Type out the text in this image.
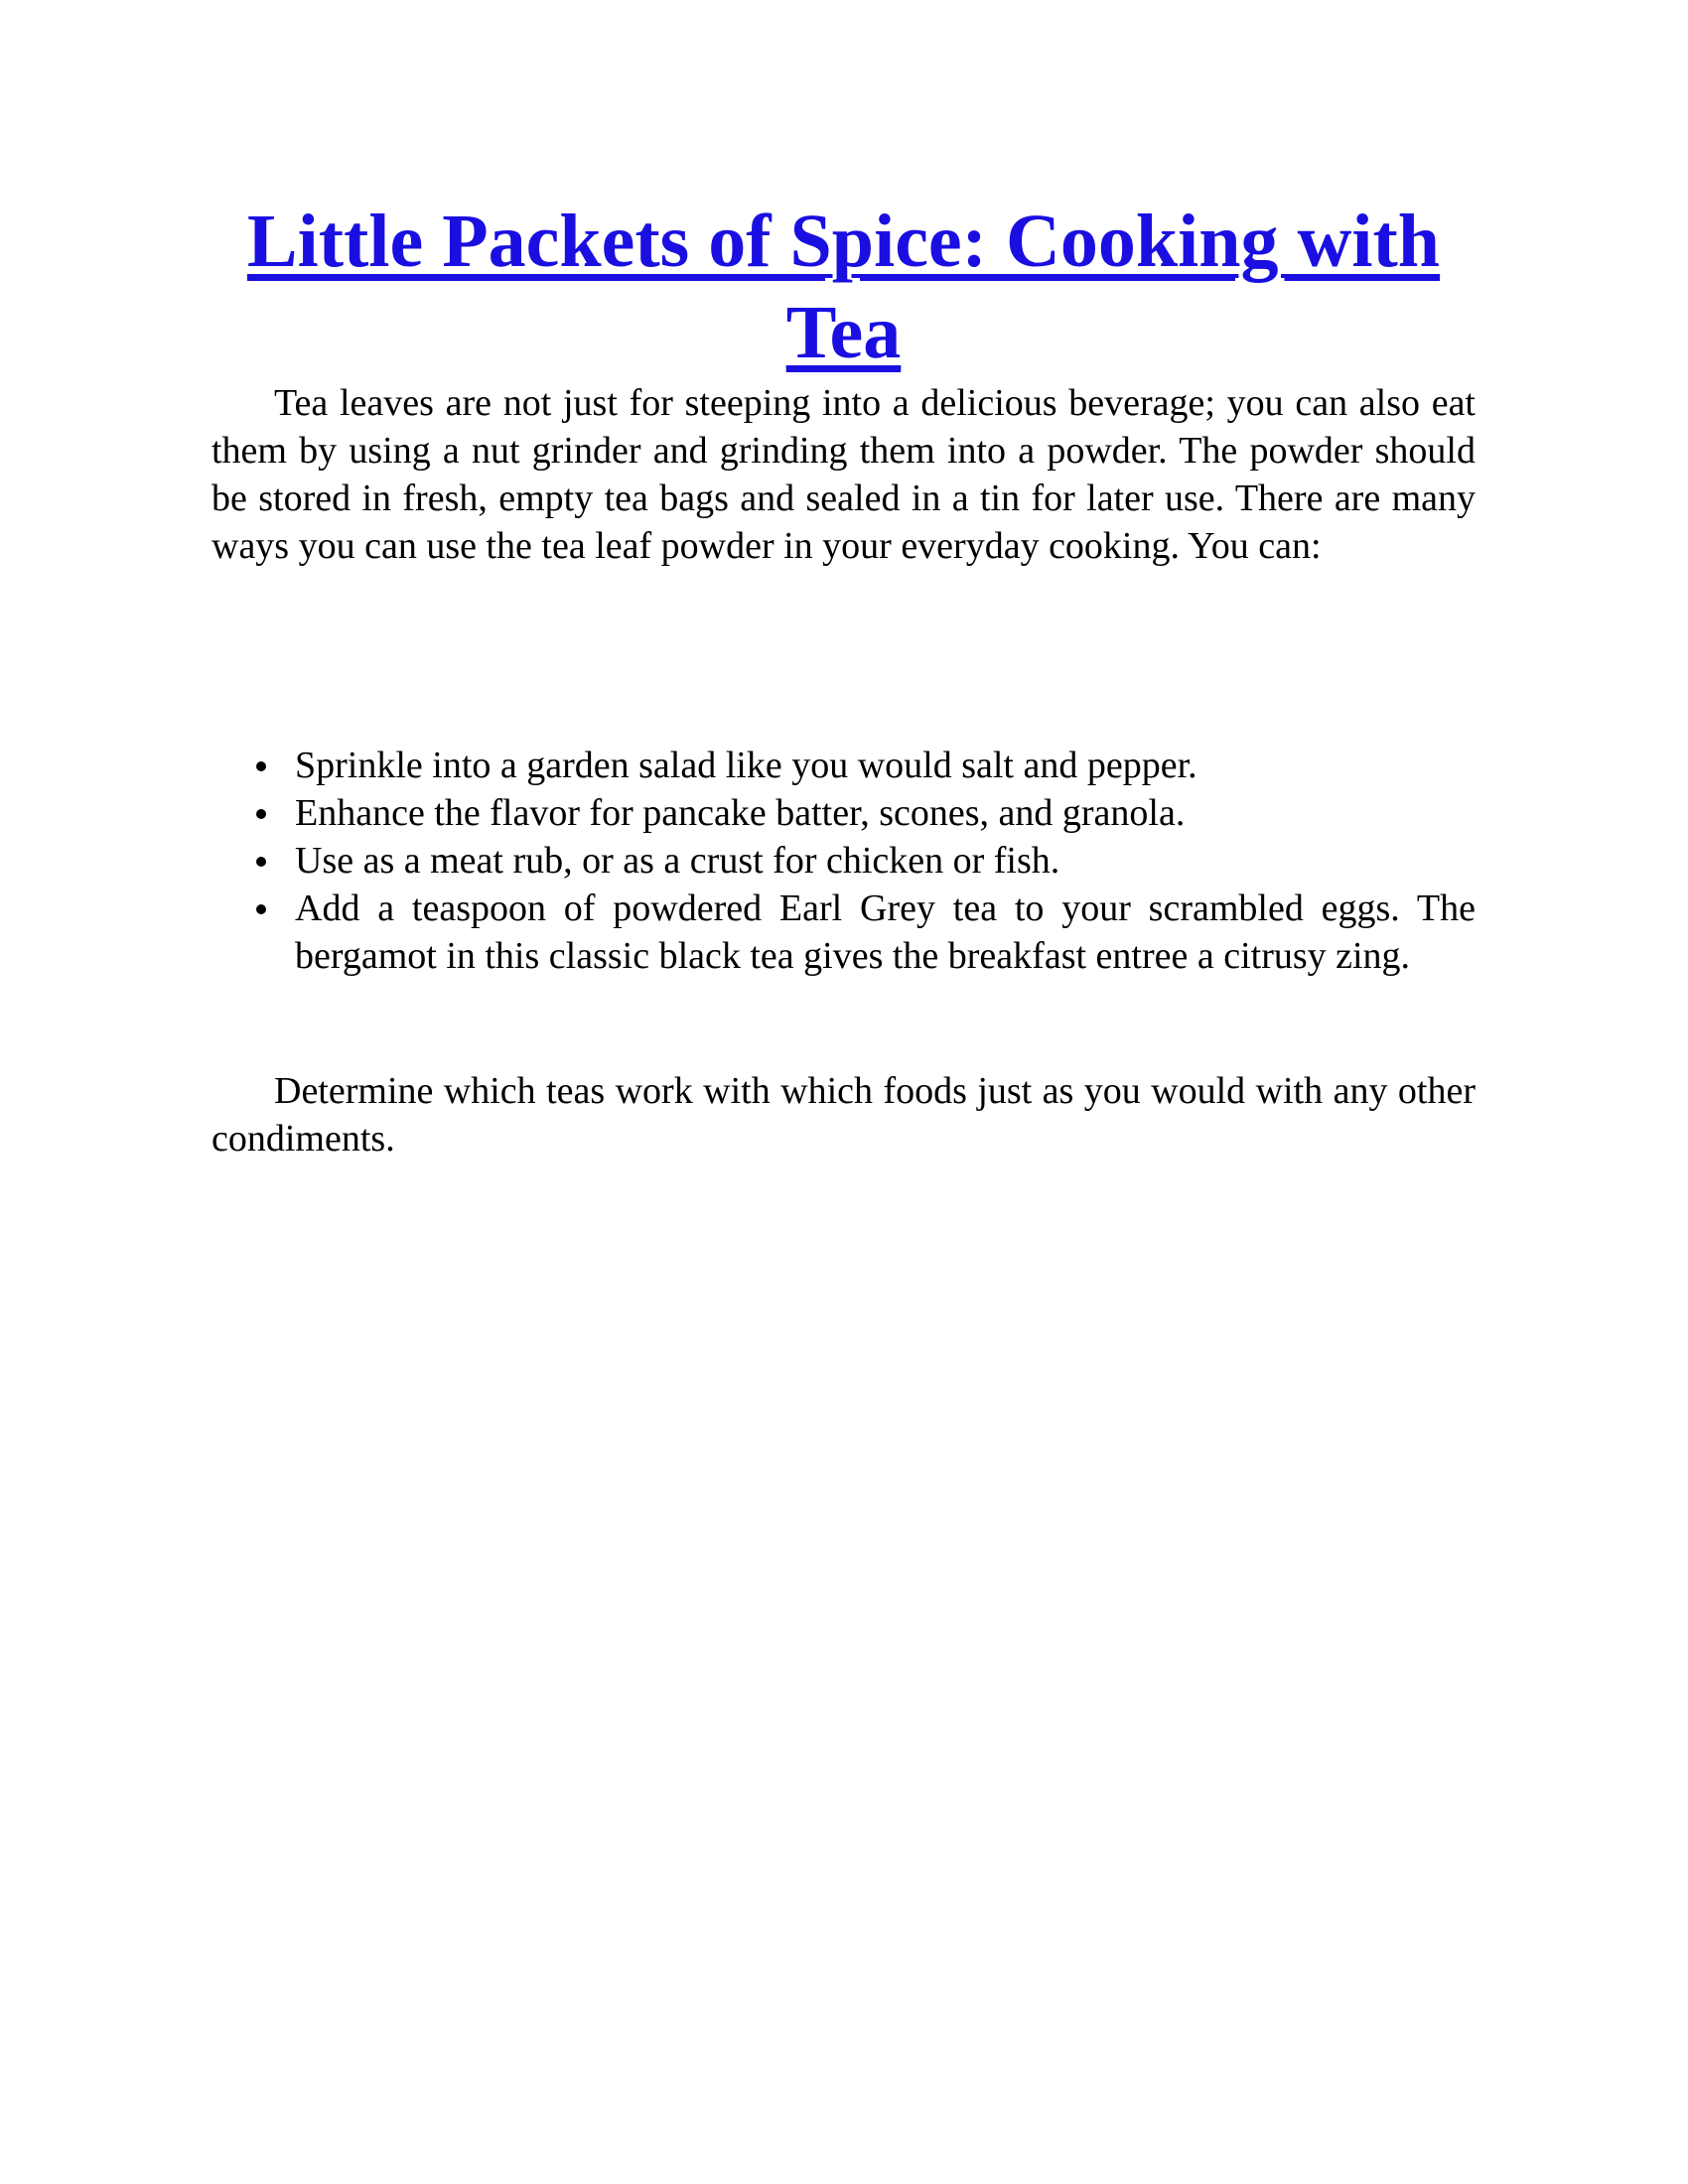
Little Packets of Spice: Cooking with Tea

Tea leaves are not just for steeping into a delicious beverage; you can also eat them by using a nut grinder and grinding them into a powder. The powder should be stored in fresh, empty tea bags and sealed in a tin for later use. There are many ways you can use the tea leaf powder in your everyday cooking. You can:

Sprinkle into a garden salad like you would salt and pepper.
Enhance the flavor for pancake batter, scones, and granola.
Use as a meat rub, or as a crust for chicken or fish.
Add a teaspoon of powdered Earl Grey tea to your scrambled eggs. The bergamot in this classic black tea gives the breakfast entree a citrusy zing.

Determine which teas work with which foods just as you would with any other condiments.
